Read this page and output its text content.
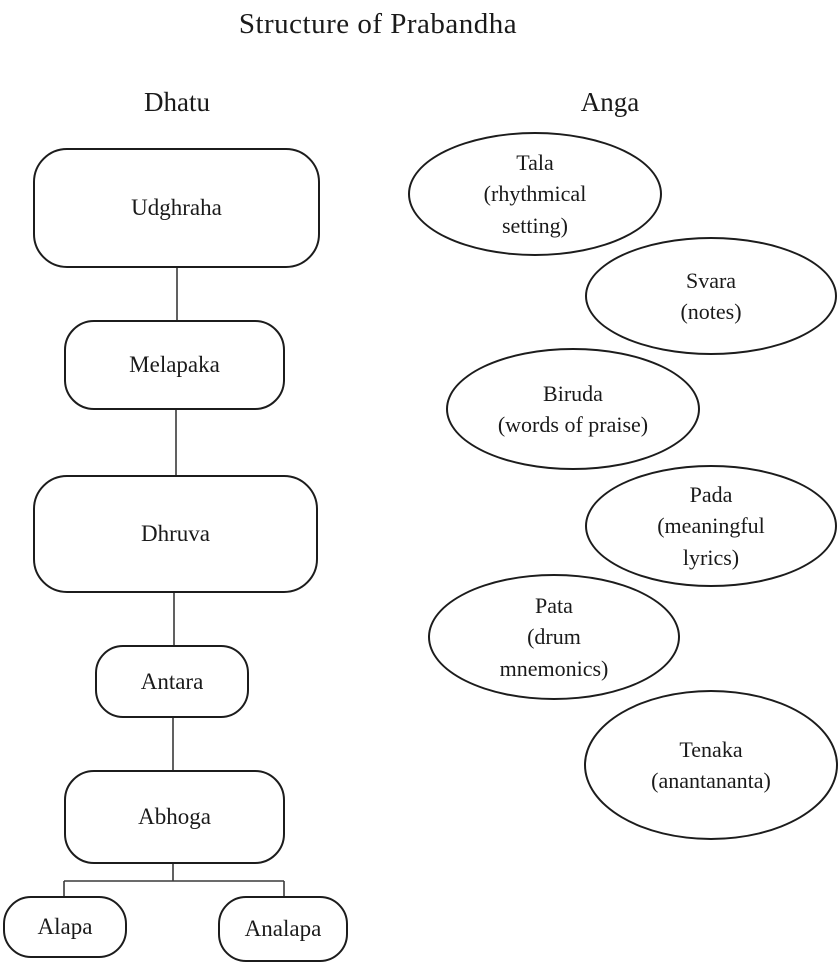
Structure of Prabandha
Dhatu	Anga
Udghraha
Melapaka
Dhruva
Antara
Abhoga
Alapa	Analapa
Tala
(rhythmical
setting)
Svara
(notes)
Biruda
(words of praise)
Pada
(meaningful
lyrics)
Pata
(drum
mnemonics)
Tenaka
(anantananta)
